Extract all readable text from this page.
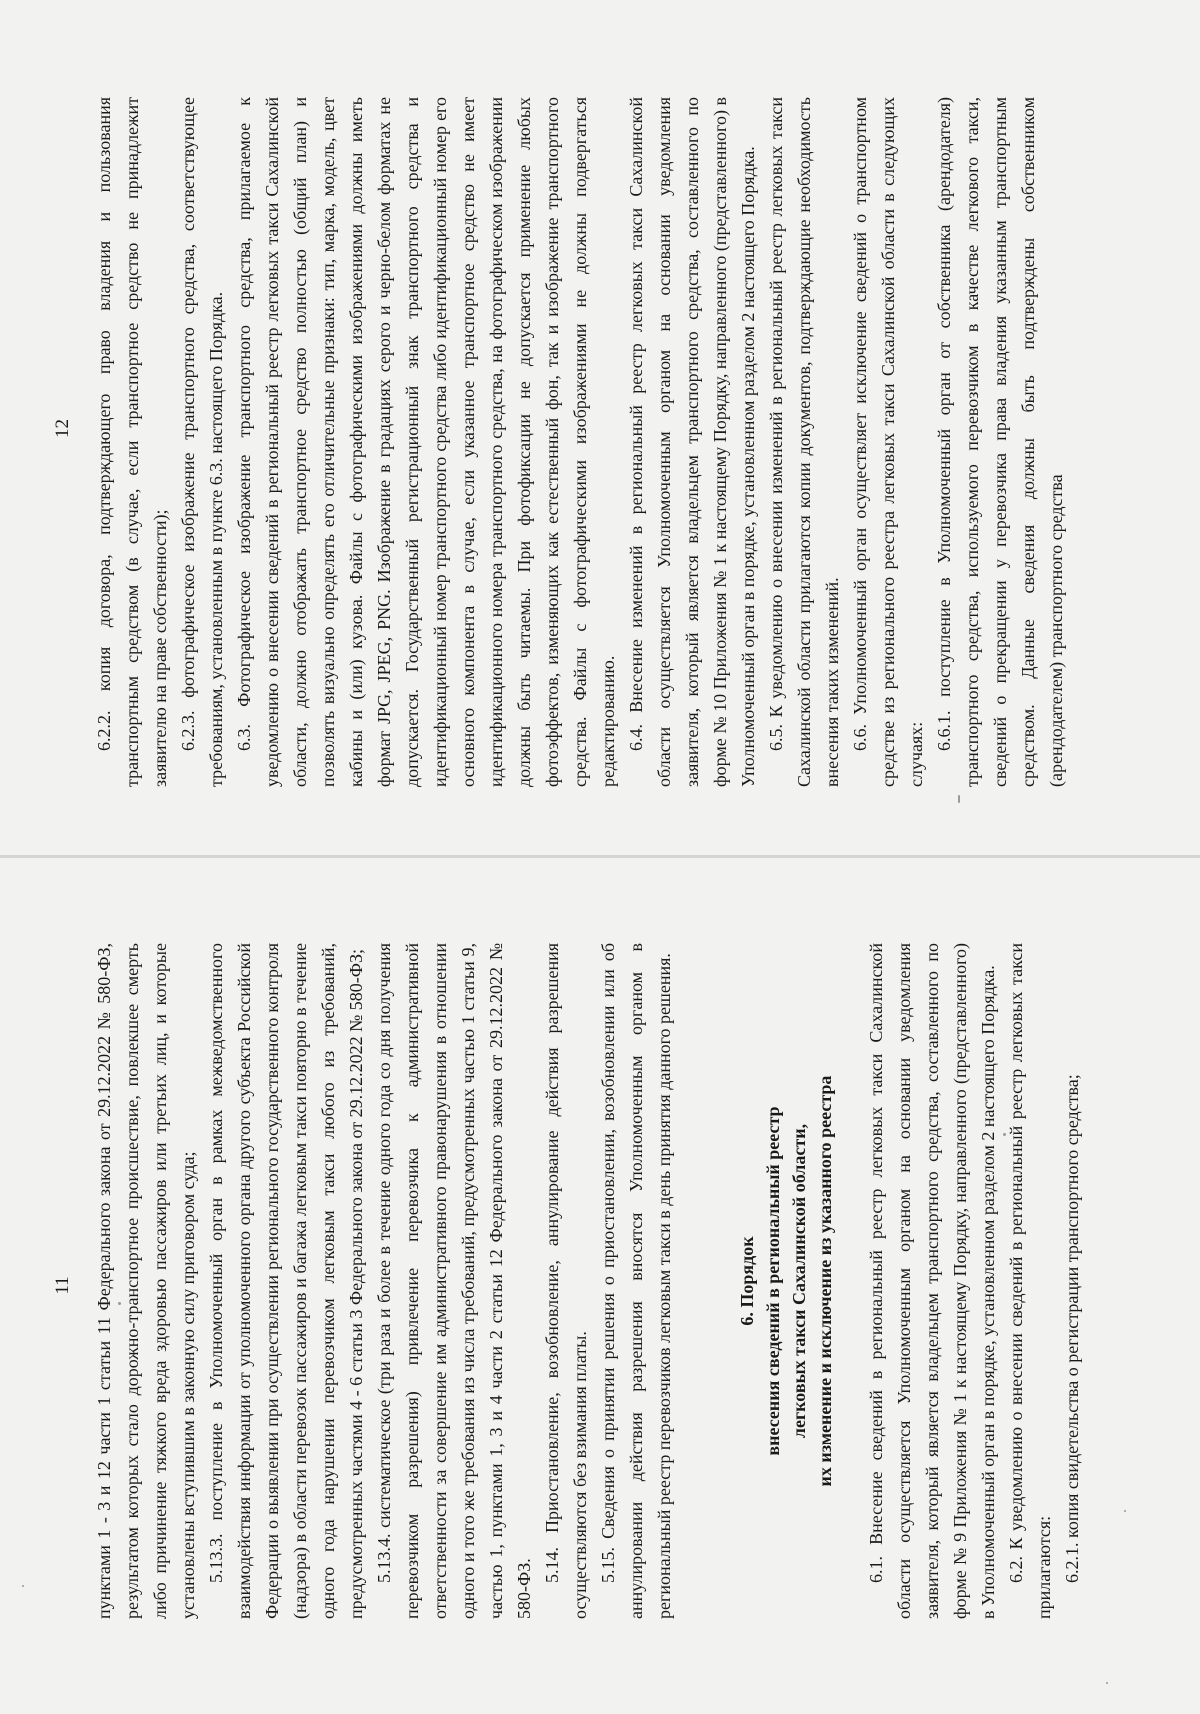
11 пунктами 1 - 3 и 12 части 1 статьи 11 Федерального закона от 29.12.2022 № 580-ФЗ, результатом которых стало дорожно-транспортное происшествие, повлекшее смерть либо причинение тяжкого вреда здоровью пассажиров или третьих лиц, и которые установлены вступившим в законную силу приговором суда; 5.13.3. поступление в Уполномоченный орган в рамках межведомственного взаимодействия информации от уполномоченного органа другого субъекта Российской Федерации о выявлении при осуществлении регионального государственного контроля (надзора) в области перевозок пассажиров и багажа легковым такси повторно в течение одного года нарушении перевозчиком легковым такси любого из требований, предусмотренных частями 4 - 6 статьи 3 Федерального закона от 29.12.2022 № 580-ФЗ; 5.13.4. систематическое (три раза и более в течение одного года со дня получения перевозчиком разрешения) привлечение перевозчика к административной ответственности за совершение им административного правонарушения в отношении одного и того же требования из числа требований, предусмотренных частью 1 статьи 9, частью 1, пунктами 1, 3 и 4 части 2 статьи 12 Федерального закона от 29.12.2022 № 580-ФЗ.

5.14. Приостановление, возобновление, аннулирование действия разрешения осуществляются без взимания платы. 5.15. Сведения о принятии решения о приостановлении, возобновлении или об аннулировании действия разрешения вносятся Уполномоченным органом в региональный реестр перевозчиков легковым такси в день принятия данного решения.	6. Порядок внесения сведений в региональный реестр легковых такси Сахалинской области, их изменение и исключение из указанного реестра 6.1. Внесение сведений в региональный реестр легковых такси Сахалинской области осуществляется Уполномоченным органом на основании уведомления заявителя, который является владельцем транспортного средства, составленного по форме № 9 Приложения № 1 к настоящему Порядку, направленного (представленного) в Уполномоченный орган в порядке, установленном разделом 2 настоящего Порядка. 6.2. К уведомлению о внесении сведений в региональный реестр легковых такси прилагаются: 6.2.1. копия свидетельства о регистрации транспортного средства;

12 6.2.2. копия договора, подтверждающего право владения и пользования транспортным средством (в случае, если транспортное средство не принадлежит заявителю на праве собственности); 6.2.3. фотографическое изображение транспортного средства, соответствующее требованиям, установленным в пункте 6.3. настоящего Порядка. 6.3. Фотографическое изображение транспортного средства, прилагаемое к уведомлению о внесении сведений в региональный реестр легковых такси Сахалинской области, должно отображать транспортное средство полностью (общий план) и позволять визуально определять его отличительные признаки: тип, марка, модель, цвет кабины и (или) кузова. Файлы с фотографическими изображениями должны иметь формат JPG, JPEG, PNG. Изображение в градациях серого и черно-белом форматах не допускается. Государственный регистрационный знак транспортного средства и идентификационный номер транспортного средства либо идентификационный номер его основного компонента в случае, если указанное транспортное средство не имеет идентификационного номера транспортного средства, на фотографическом изображении должны быть читаемы. При фотофиксации не допускается применение любых фотоэффектов, изменяющих как естественный фон, так и изображение транспортного средства. Файлы с фотографическими изображениями не должны подвергаться редактированию. 6.4. Внесение изменений в региональный реестр легковых такси Сахалинской области осуществляется Уполномоченным органом на основании уведомления заявителя, который является владельцем транспортного средства, составленного по форме № 10 Приложения № 1 к настоящему Порядку, направленного (представленного) в Уполномоченный орган в порядке, установленном разделом 2 настоящего Порядка. 6.5. К уведомлению о внесении изменений в региональный реестр легковых такси Сахалинской области прилагаются копии документов, подтверждающие необходимость внесения таких изменений. 6.6. Уполномоченный орган осуществляет исключение сведений о транспортном средстве из регионального реестра легковых такси Сахалинской области в следующих случаях:

6.6.1. поступление в Уполномоченный орган от собственника (арендодателя) транспортного средства, используемого перевозчиком в качестве легкового такси, сведений о прекращении у перевозчика права владения указанным транспортным средством. Данные сведения должны быть подтверждены собственником (арендодателем) транспортного средства
